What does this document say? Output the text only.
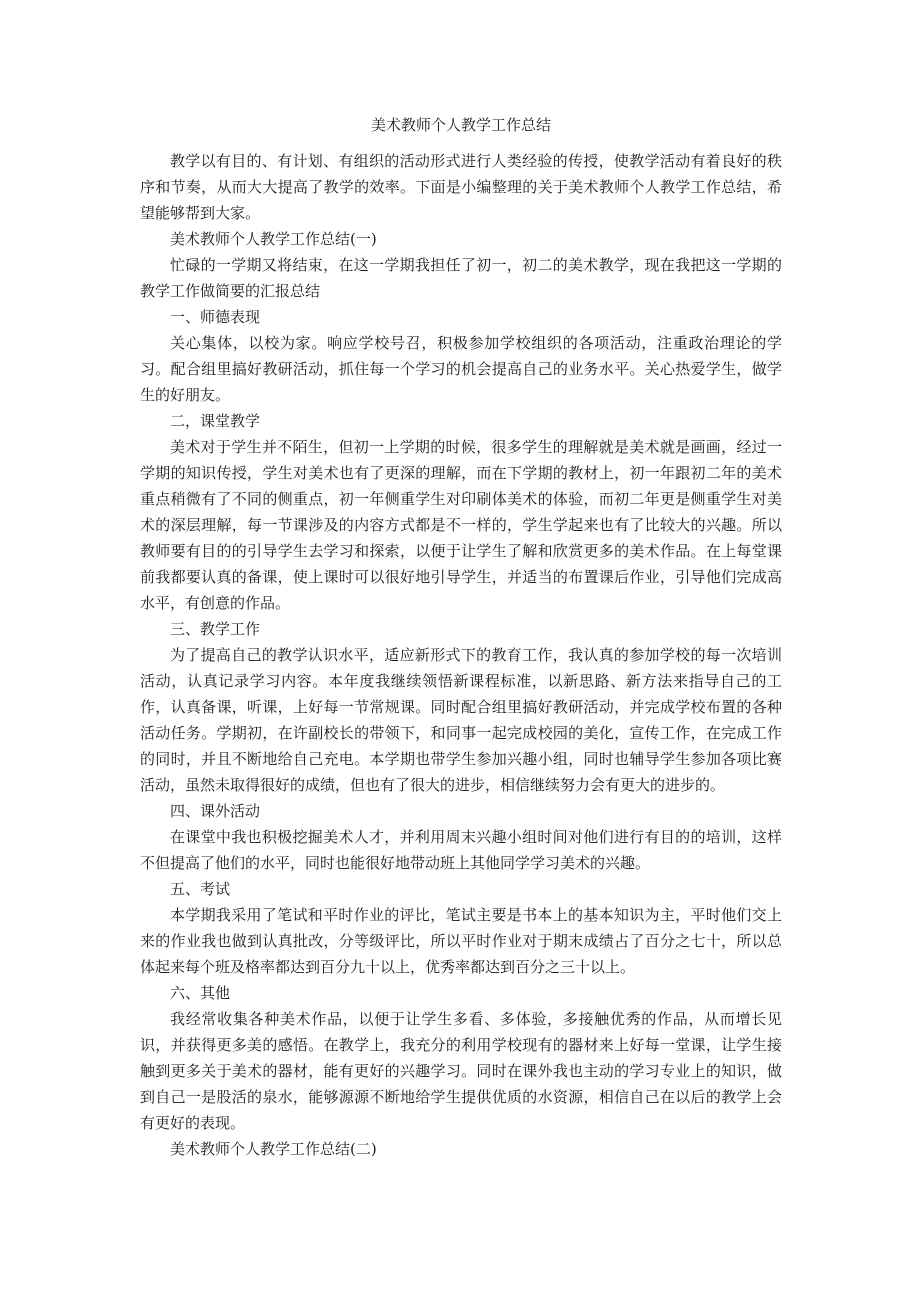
美术教师个人教学工作总结

教学以有目的、有计划、有组织的活动形式进行人类经验的传授，使教学活动有着良好的秩序和节奏，从而大大提高了教学的效率。下面是小编整理的关于美术教师个人教学工作总结，希望能够帮到大家。

美术教师个人教学工作总结(一)

忙碌的一学期又将结束，在这一学期我担任了初一，初二的美术教学，现在我把这一学期的教学工作做简要的汇报总结

一、师德表现

关心集体，以校为家。响应学校号召，积极参加学校组织的各项活动，注重政治理论的学习。配合组里搞好教研活动，抓住每一个学习的机会提高自己的业务水平。关心热爱学生，做学生的好朋友。

二，课堂教学

美术对于学生并不陌生，但初一上学期的时候，很多学生的理解就是美术就是画画，经过一学期的知识传授，学生对美术也有了更深的理解，而在下学期的教材上，初一年跟初二年的美术重点稍微有了不同的侧重点，初一年侧重学生对印刷体美术的体验，而初二年更是侧重学生对美术的深层理解，每一节课涉及的内容方式都是不一样的，学生学起来也有了比较大的兴趣。所以教师要有目的的引导学生去学习和探索，以便于让学生了解和欣赏更多的美术作品。在上每堂课前我都要认真的备课，使上课时可以很好地引导学生，并适当的布置课后作业，引导他们完成高水平，有创意的作品。

三、教学工作

为了提高自己的教学认识水平，适应新形式下的教育工作，我认真的参加学校的每一次培训活动，认真记录学习内容。本年度我继续领悟新课程标准，以新思路、新方法来指导自己的工作，认真备课，听课，上好每一节常规课。同时配合组里搞好教研活动，并完成学校布置的各种活动任务。学期初，在许副校长的带领下，和同事一起完成校园的美化，宣传工作，在完成工作的同时，并且不断地给自己充电。本学期也带学生参加兴趣小组，同时也辅导学生参加各项比赛活动，虽然未取得很好的成绩，但也有了很大的进步，相信继续努力会有更大的进步的。

四、课外活动

在课堂中我也积极挖掘美术人才，并利用周末兴趣小组时间对他们进行有目的的培训，这样不但提高了他们的水平，同时也能很好地带动班上其他同学学习美术的兴趣。

五、考试

本学期我采用了笔试和平时作业的评比，笔试主要是书本上的基本知识为主，平时他们交上来的作业我也做到认真批改，分等级评比，所以平时作业对于期末成绩占了百分之七十，所以总体起来每个班及格率都达到百分九十以上，优秀率都达到百分之三十以上。

六、其他

我经常收集各种美术作品，以便于让学生多看、多体验，多接触优秀的作品，从而增长见识，并获得更多美的感悟。在教学上，我充分的利用学校现有的器材来上好每一堂课，让学生接触到更多关于美术的器材，能有更好的兴趣学习。同时在课外我也主动的学习专业上的知识，做到自己一是股活的泉水，能够源源不断地给学生提供优质的水资源，相信自己在以后的教学上会有更好的表现。

美术教师个人教学工作总结(二)
